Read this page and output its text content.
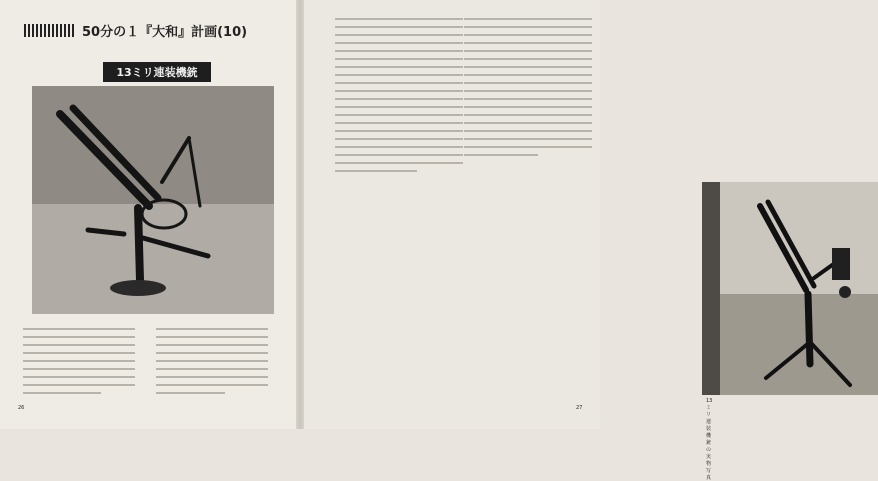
50分の１『大和』計画(10)
13ミリ連装機銃
26
13ミリ連装機銃の実物写真
27
